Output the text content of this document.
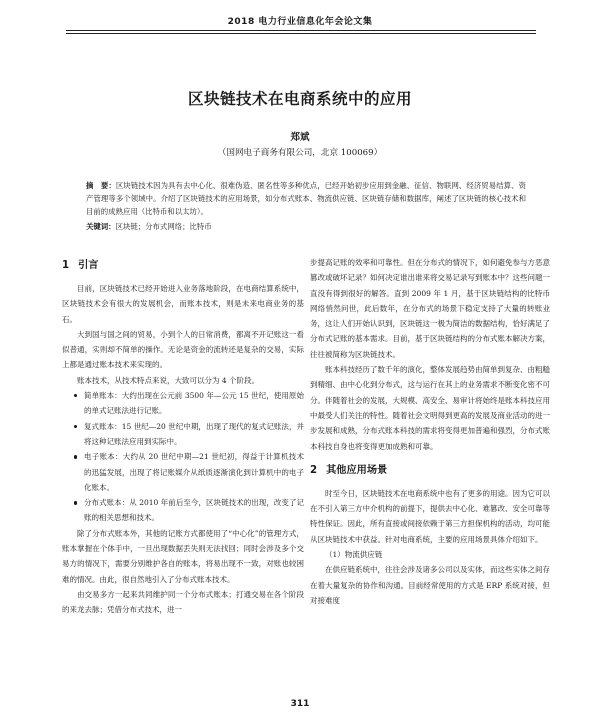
2018 电力行业信息化年会论文集
区块链技术在电商系统中的应用
郑斌
（国网电子商务有限公司，北京 100069）
摘　要：区块链技术因为具有去中心化、很难伪造、匿名性等多种优点，已经开始初步应用到金融、征信、物联网、经济贸易结算、资产管理等多个领域中。介绍了区块链技术的应用场景，如分布式账本、物流供应链、区块链存储和数据库，阐述了区块链的核心技术和目前的成熟应用（比特币和以太坊）。
关键词：区块链；分布式网络；比特币
1 引言

目前，区块链技术已经开始进入业务落地阶段，在电商结算系统中，区块链技术会有很大的发展机会，而账本技术，则是未来电商业务的基石。

大到国与国之间的贸易，小到个人的日常消费，都离不开记账这一看似普通，实则却不简单的操作。无论是资金的流转还是复杂的交易，实际上都是通过账本技术来实现的。

账本技术，从技术特点来说，大致可以分为 4 个阶段。

简单账本：大约出现在公元前 3500 年—公元 15 世纪，使用原始的单式记账法进行记账。
复式账本：15 世纪—20 世纪中期，出现了现代的复式记账法，并将这种记账法应用到实际中。
电子账本：大约从 20 世纪中期—21 世纪初，得益于计算机技术的迅猛发展，出现了将记账媒介从纸质逐渐演化到计算机中的电子化账本。
分布式账本：从 2010 年前后至今，区块链技术的出现，改变了记账的相关思想和技术。

除了分布式账本外，其他的记账方式都使用了“中心化”的管理方式，账本掌握在个体手中，一旦出现数据丢失则无法找回；同时会涉及多个交易方的情况下，需要分别维护各自的账本，将易出现不一致，对账也较困难的情况。由此，很自然地引入了分布式账本技术。

由交易多方一起来共同维护同一个分布式账本；打通交易在各个阶段的来龙去脉；凭借分布式技术，进一

步提高记账的效率和可靠性。但在分布式的情况下，如何避免参与方恶意篡改或破坏记录？如何决定谁出谁来将交易记录写到账本中？这些问题一直没有得到很好的解答。直到 2009 年 1 月，基于区块链结构的比特币网络悄然问世，此后数年，在分布式的场景下稳定支持了大量的转账业务，这让人们开始认识到，区块链这一极为简洁的数据结构，恰好满足了分布式记账的基本需求。目前，基于区块链结构的分布式账本解决方案，往往被简称为区块链技术。

账本科技经历了数千年的演化，整体发展趋势由简单到复杂、由粗糙到精细、由中心化到分布式，这与运行在其上的业务需求不断变化密不可分。伴随着社会的发展，大规模、高安全、易审计将始终是账本科技应用中最受人们关注的特性。随着社会文明得到更高的发展及商业活动的进一步发展和成熟，分布式账本科技的需求将变得更加普遍和强烈，分布式账本科技自身也将变得更加成熟和可靠。

2 其他应用场景

时至今日，区块链技术在电商系统中也有了更多的用途。因为它可以在不引入第三方中介机构的前提下，提供去中心化、难篡改、安全可靠等特性保证。因此，所有直接或间接依赖于第三方担保机构的活动，均可能从区块链技术中获益。针对电商系统，主要的应用场景具体介绍如下。

（1）物流供应链

在供应链系统中，往往会涉及诸多公司以及实体，而这些实体之间存在着大量复杂的协作和沟通。目前经常使用的方式是 ERP 系统对接，但对接难度

311
